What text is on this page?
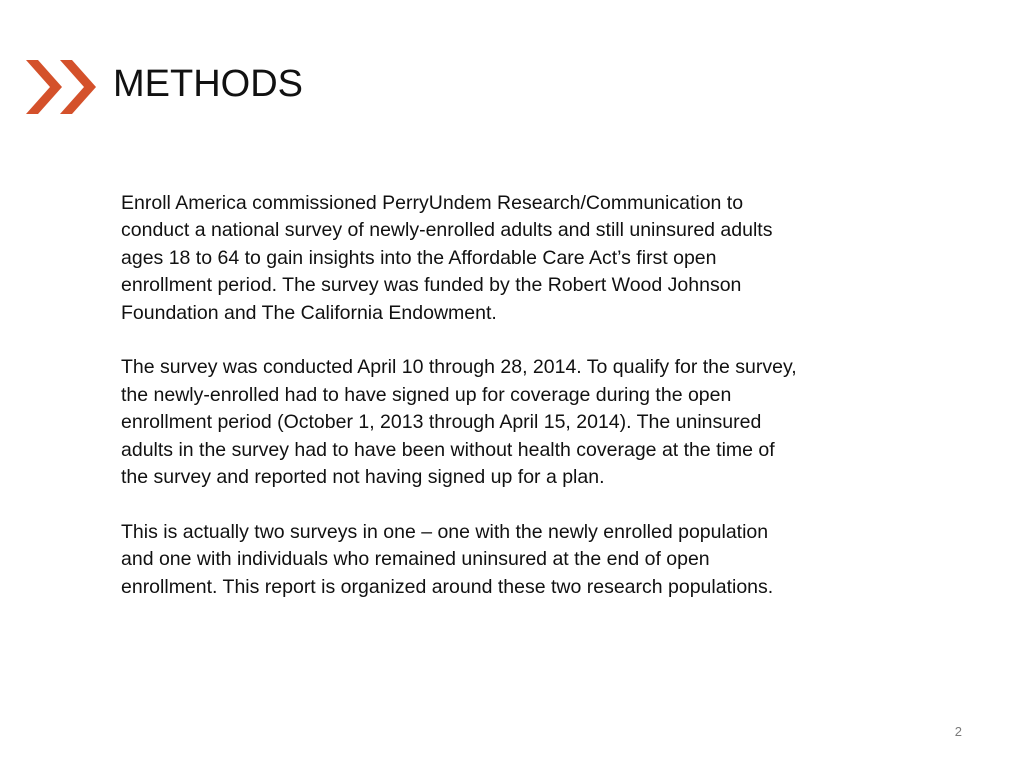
METHODS

Enroll America commissioned PerryUndem Research/Communication to
conduct a national survey of newly-enrolled adults and still uninsured adults
ages 18 to 64 to gain insights into the Affordable Care Act’s first open
enrollment period. The survey was funded by the Robert Wood Johnson
Foundation and The California Endowment.

The survey was conducted April 10 through 28, 2014. To qualify for the survey,
the newly-enrolled had to have signed up for coverage during the open
enrollment period (October 1, 2013 through April 15, 2014). The uninsured
adults in the survey had to have been without health coverage at the time of
the survey and reported not having signed up for a plan.

This is actually two surveys in one – one with the newly enrolled population
and one with individuals who remained uninsured at the end of open
enrollment. This report is organized around these two research populations.

2
